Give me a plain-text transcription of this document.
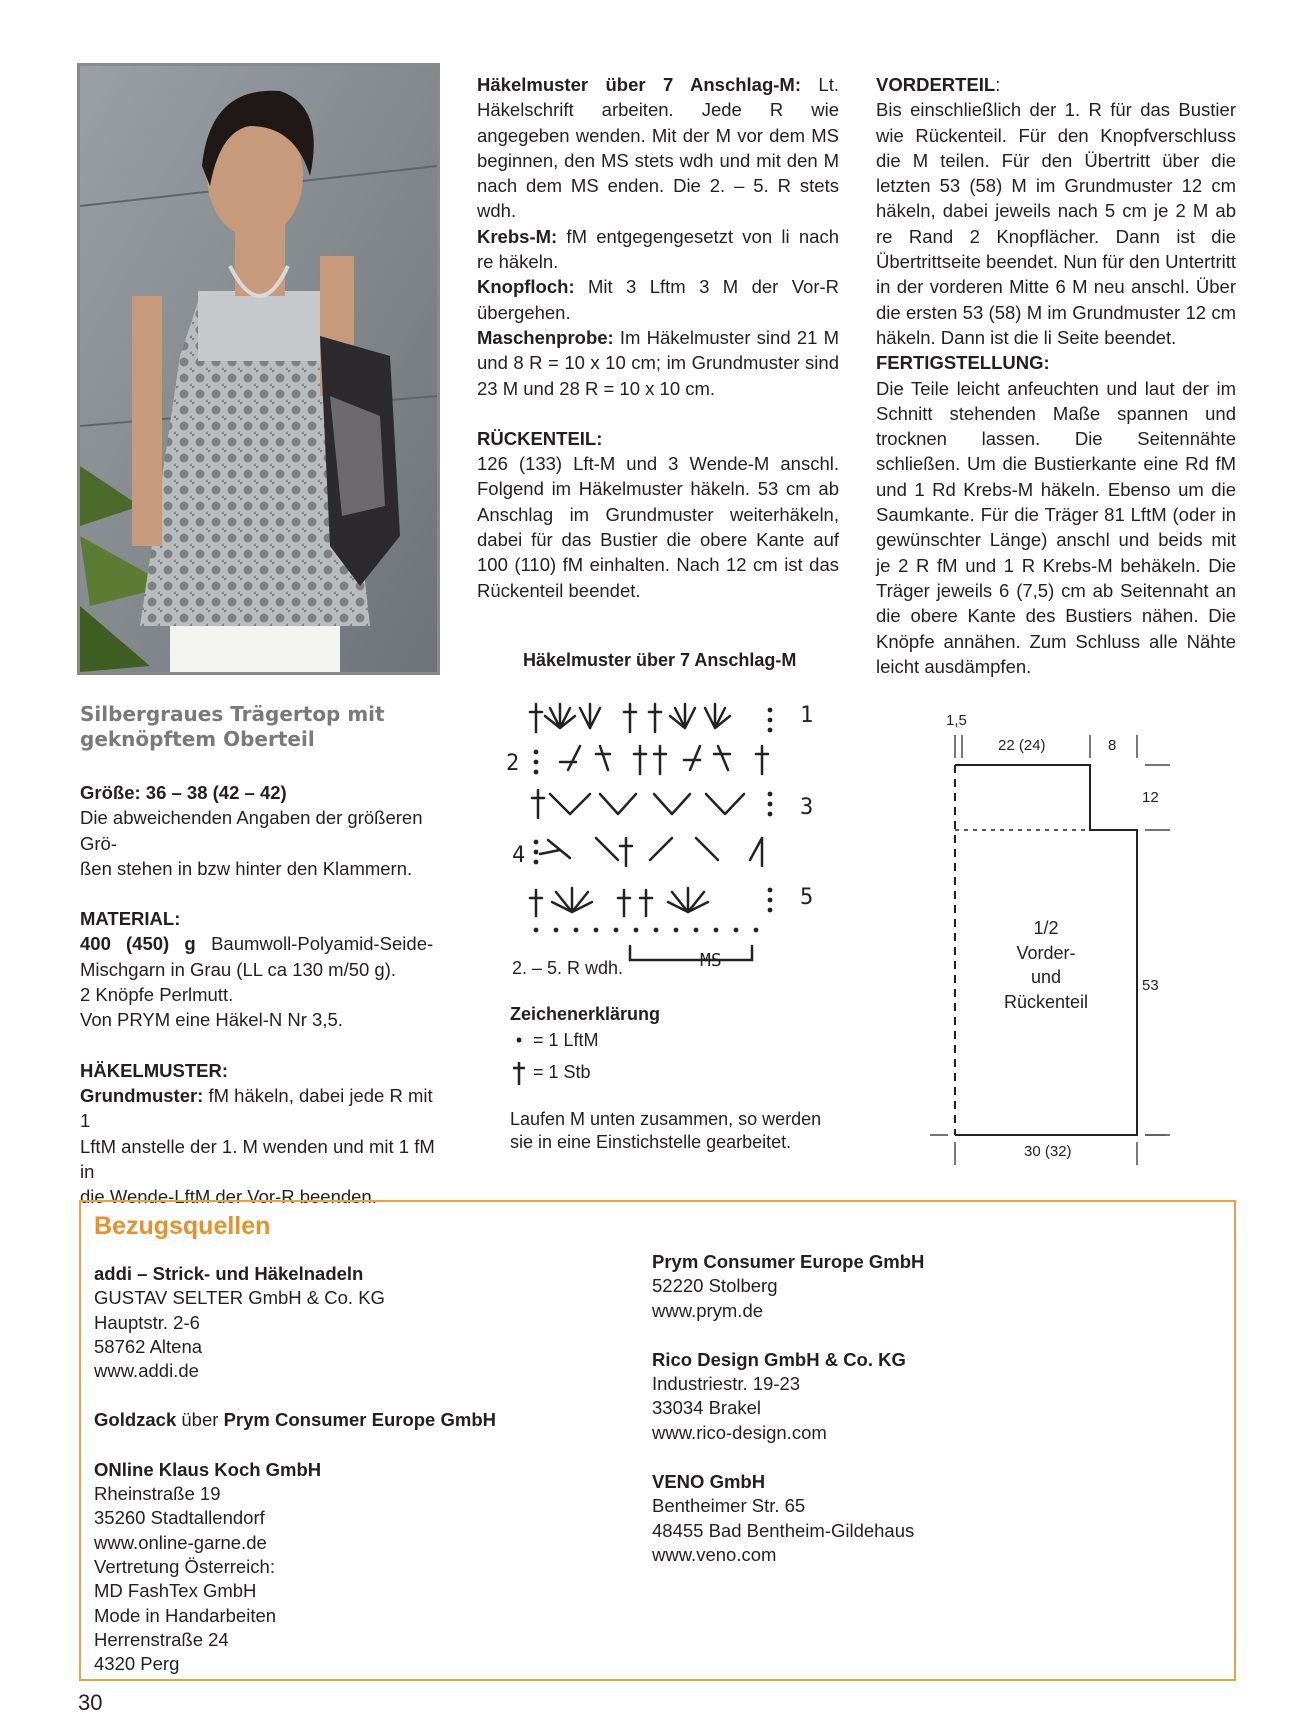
Silbergraues Trägertop mit
geknöpftem Oberteil

Größe: 36 – 38 (42 – 42)

Die abweichenden Angaben der größeren Grö-

ßen stehen in bzw hinter den Klammern.

MATERIAL:

400 (450) g Baumwoll-Polyamid-Seide-

Mischgarn in Grau (LL ca 130 m/50 g).

2 Knöpfe Perlmutt.

Von PRYM eine Häkel-N Nr 3,5.

HÄKELMUSTER:

Grundmuster: fM häkeln, dabei jede R mit 1

LftM anstelle der 1. M wenden und mit 1 fM in

die Wende-LftM der Vor-R beenden.

Häkelmuster über 7 Anschlag-M: Lt. Häkelschrift arbeiten. Jede R wie angegeben wenden. Mit der M vor dem MS beginnen, den MS stets wdh und mit den M nach dem MS enden. Die 2. – 5. R stets wdh.

Krebs-M: fM entgegengesetzt von li nach re häkeln.

Knopfloch: Mit 3 Lftm 3 M der Vor-R übergehen.

Maschenprobe: Im Häkelmuster sind 21 M und 8 R = 10 x 10 cm; im Grundmuster sind 23 M und 28 R = 10 x 10 cm.

RÜCKENTEIL:

126 (133) Lft-M und 3 Wende-M anschl. Folgend im Häkelmuster häkeln. 53 cm ab Anschlag im Grundmuster weiterhäkeln, dabei für das Bustier die obere Kante auf 100 (110) fM einhalten. Nach 12 cm ist das Rückenteil beendet.

VORDERTEIL:

Bis einschließlich der 1. R für das Bustier wie Rückenteil. Für den Knopfverschluss die M teilen. Für den Übertritt über die letzten 53 (58) M im Grundmuster 12 cm häkeln, dabei jeweils nach 5 cm je 2 M ab re Rand 2 Knopflächer. Dann ist die Übertrittseite beendet. Nun für den Untertritt in der vorderen Mitte 6 M neu anschl. Über die ersten 53 (58) M im Grundmuster 12 cm häkeln. Dann ist die li Seite beendet.

FERTIGSTELLUNG:

Die Teile leicht anfeuchten und laut der im Schnitt stehenden Maße spannen und trocknen lassen. Die Seitennähte schließen. Um die Bustierkante eine Rd fM und 1 Rd Krebs-M häkeln. Ebenso um die Saumkante. Für die Träger 81 LftM (oder in gewünschter Länge) anschl und beids mit je 2 R fM und 1 R Krebs-M behäkeln. Die Träger jeweils 6 (7,5) cm ab Seitennaht an die obere Kante des Bustiers nähen. Die Knöpfe annähen. Zum Schluss alle Nähte leicht ausdämpfen.

Häkelmuster über 7 Anschlag-M
1
2
3
4
5
MS
2. – 5. R wdh.
Zeichenerklärung
• = 1 LftM
= 1 Stb
Laufen M unten zusammen, so werden
sie in eine Einstichstelle gearbeitet.
1,5
22 (24)	8
12
53
30 (32)
1/2
Vorder-
und
Rückenteil
Bezugsquellen

addi – Strick- und Häkelnadeln

GUSTAV SELTER GmbH & Co. KG

Hauptstr. 2-6

58762 Altena

www.addi.de

Goldzack über Prym Consumer Europe GmbH

ONline Klaus Koch GmbH

Rheinstraße 19

35260 Stadtallendorf

www.online-garne.de

Vertretung Österreich:

MD FashTex GmbH

Mode in Handarbeiten

Herrenstraße 24

4320 Perg

Prym Consumer Europe GmbH

52220 Stolberg

www.prym.de

Rico Design GmbH & Co. KG

Industriestr. 19-23

33034 Brakel

www.rico-design.com

VENO GmbH

Bentheimer Str. 65

48455 Bad Bentheim-Gildehaus

www.veno.com

30
